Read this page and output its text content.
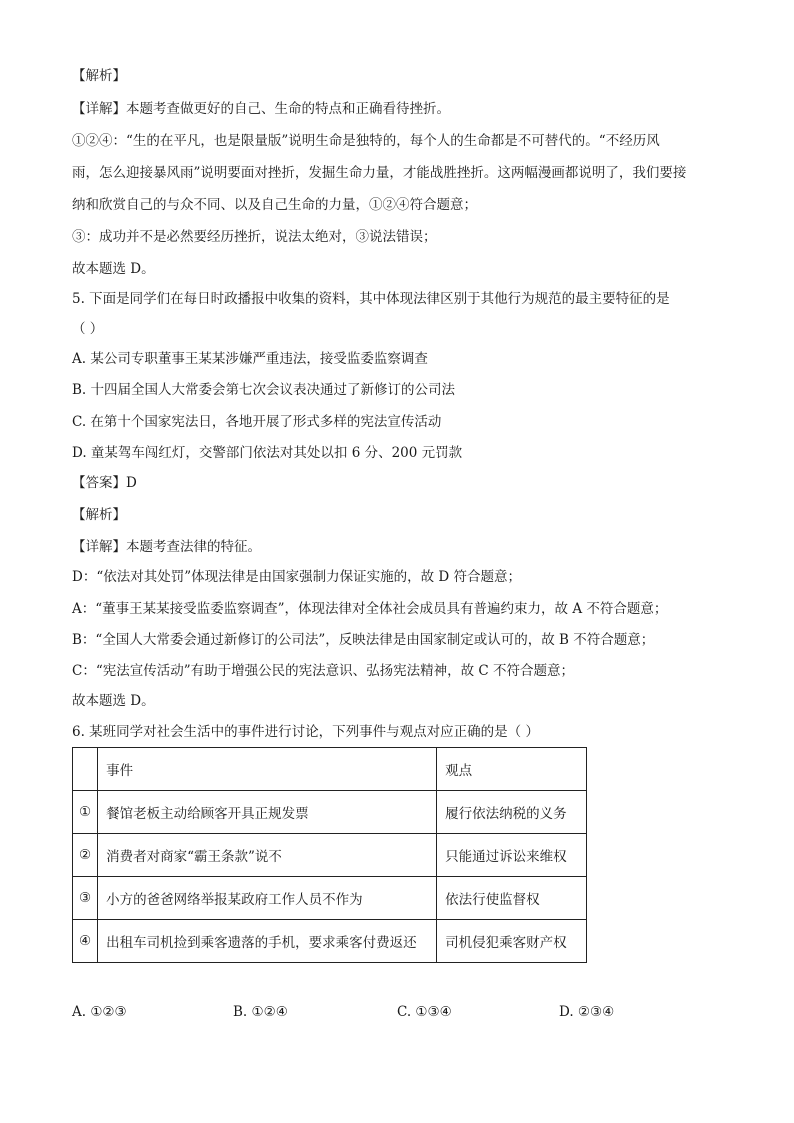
【解析】
【详解】本题考查做更好的自己、生命的特点和正确看待挫折。
①②④：“生的在平凡，也是限量版”说明生命是独特的，每个人的生命都是不可替代的。“不经历风
雨，怎么迎接暴风雨”说明要面对挫折，发掘生命力量，才能战胜挫折。这两幅漫画都说明了，我们要接
纳和欣赏自己的与众不同、以及自己生命的力量，①②④符合题意；
③：成功并不是必然要经历挫折，说法太绝对，③说法错误；
故本题选 D。
5. 下面是同学们在每日时政播报中收集的资料，其中体现法律区别于其他行为规范的最主要特征的是
（ ）
A. 某公司专职董事王某某涉嫌严重违法，接受监委监察调查
B. 十四届全国人大常委会第七次会议表决通过了新修订的公司法
C. 在第十个国家宪法日，各地开展了形式多样的宪法宣传活动
D. 童某驾车闯红灯，交警部门依法对其处以扣 6 分、200 元罚款
【答案】D
【解析】
【详解】本题考查法律的特征。
D：“依法对其处罚”体现法律是由国家强制力保证实施的，故 D 符合题意；
A：“董事王某某接受监委监察调查”，体现法律对全体社会成员具有普遍约束力，故 A 不符合题意；
B：“全国人大常委会通过新修订的公司法”，反映法律是由国家制定或认可的，故 B 不符合题意；
C：“宪法宣传活动”有助于增强公民的宪法意识、弘扬宪法精神，故 C 不符合题意；
故本题选 D。
6. 某班同学对社会生活中的事件进行讨论，下列事件与观点对应正确的是（ ）
	事件	观点
①	餐馆老板主动给顾客开具正规发票	履行依法纳税的义务
②	消费者对商家“霸王条款”说不	只能通过诉讼来维权
③	小方的爸爸网络举报某政府工作人员不作为	依法行使监督权
④	出租车司机捡到乘客遗落的手机，要求乘客付费返还	司机侵犯乘客财产权
A. ①②③	B. ①②④	C. ①③④	D. ②③④
